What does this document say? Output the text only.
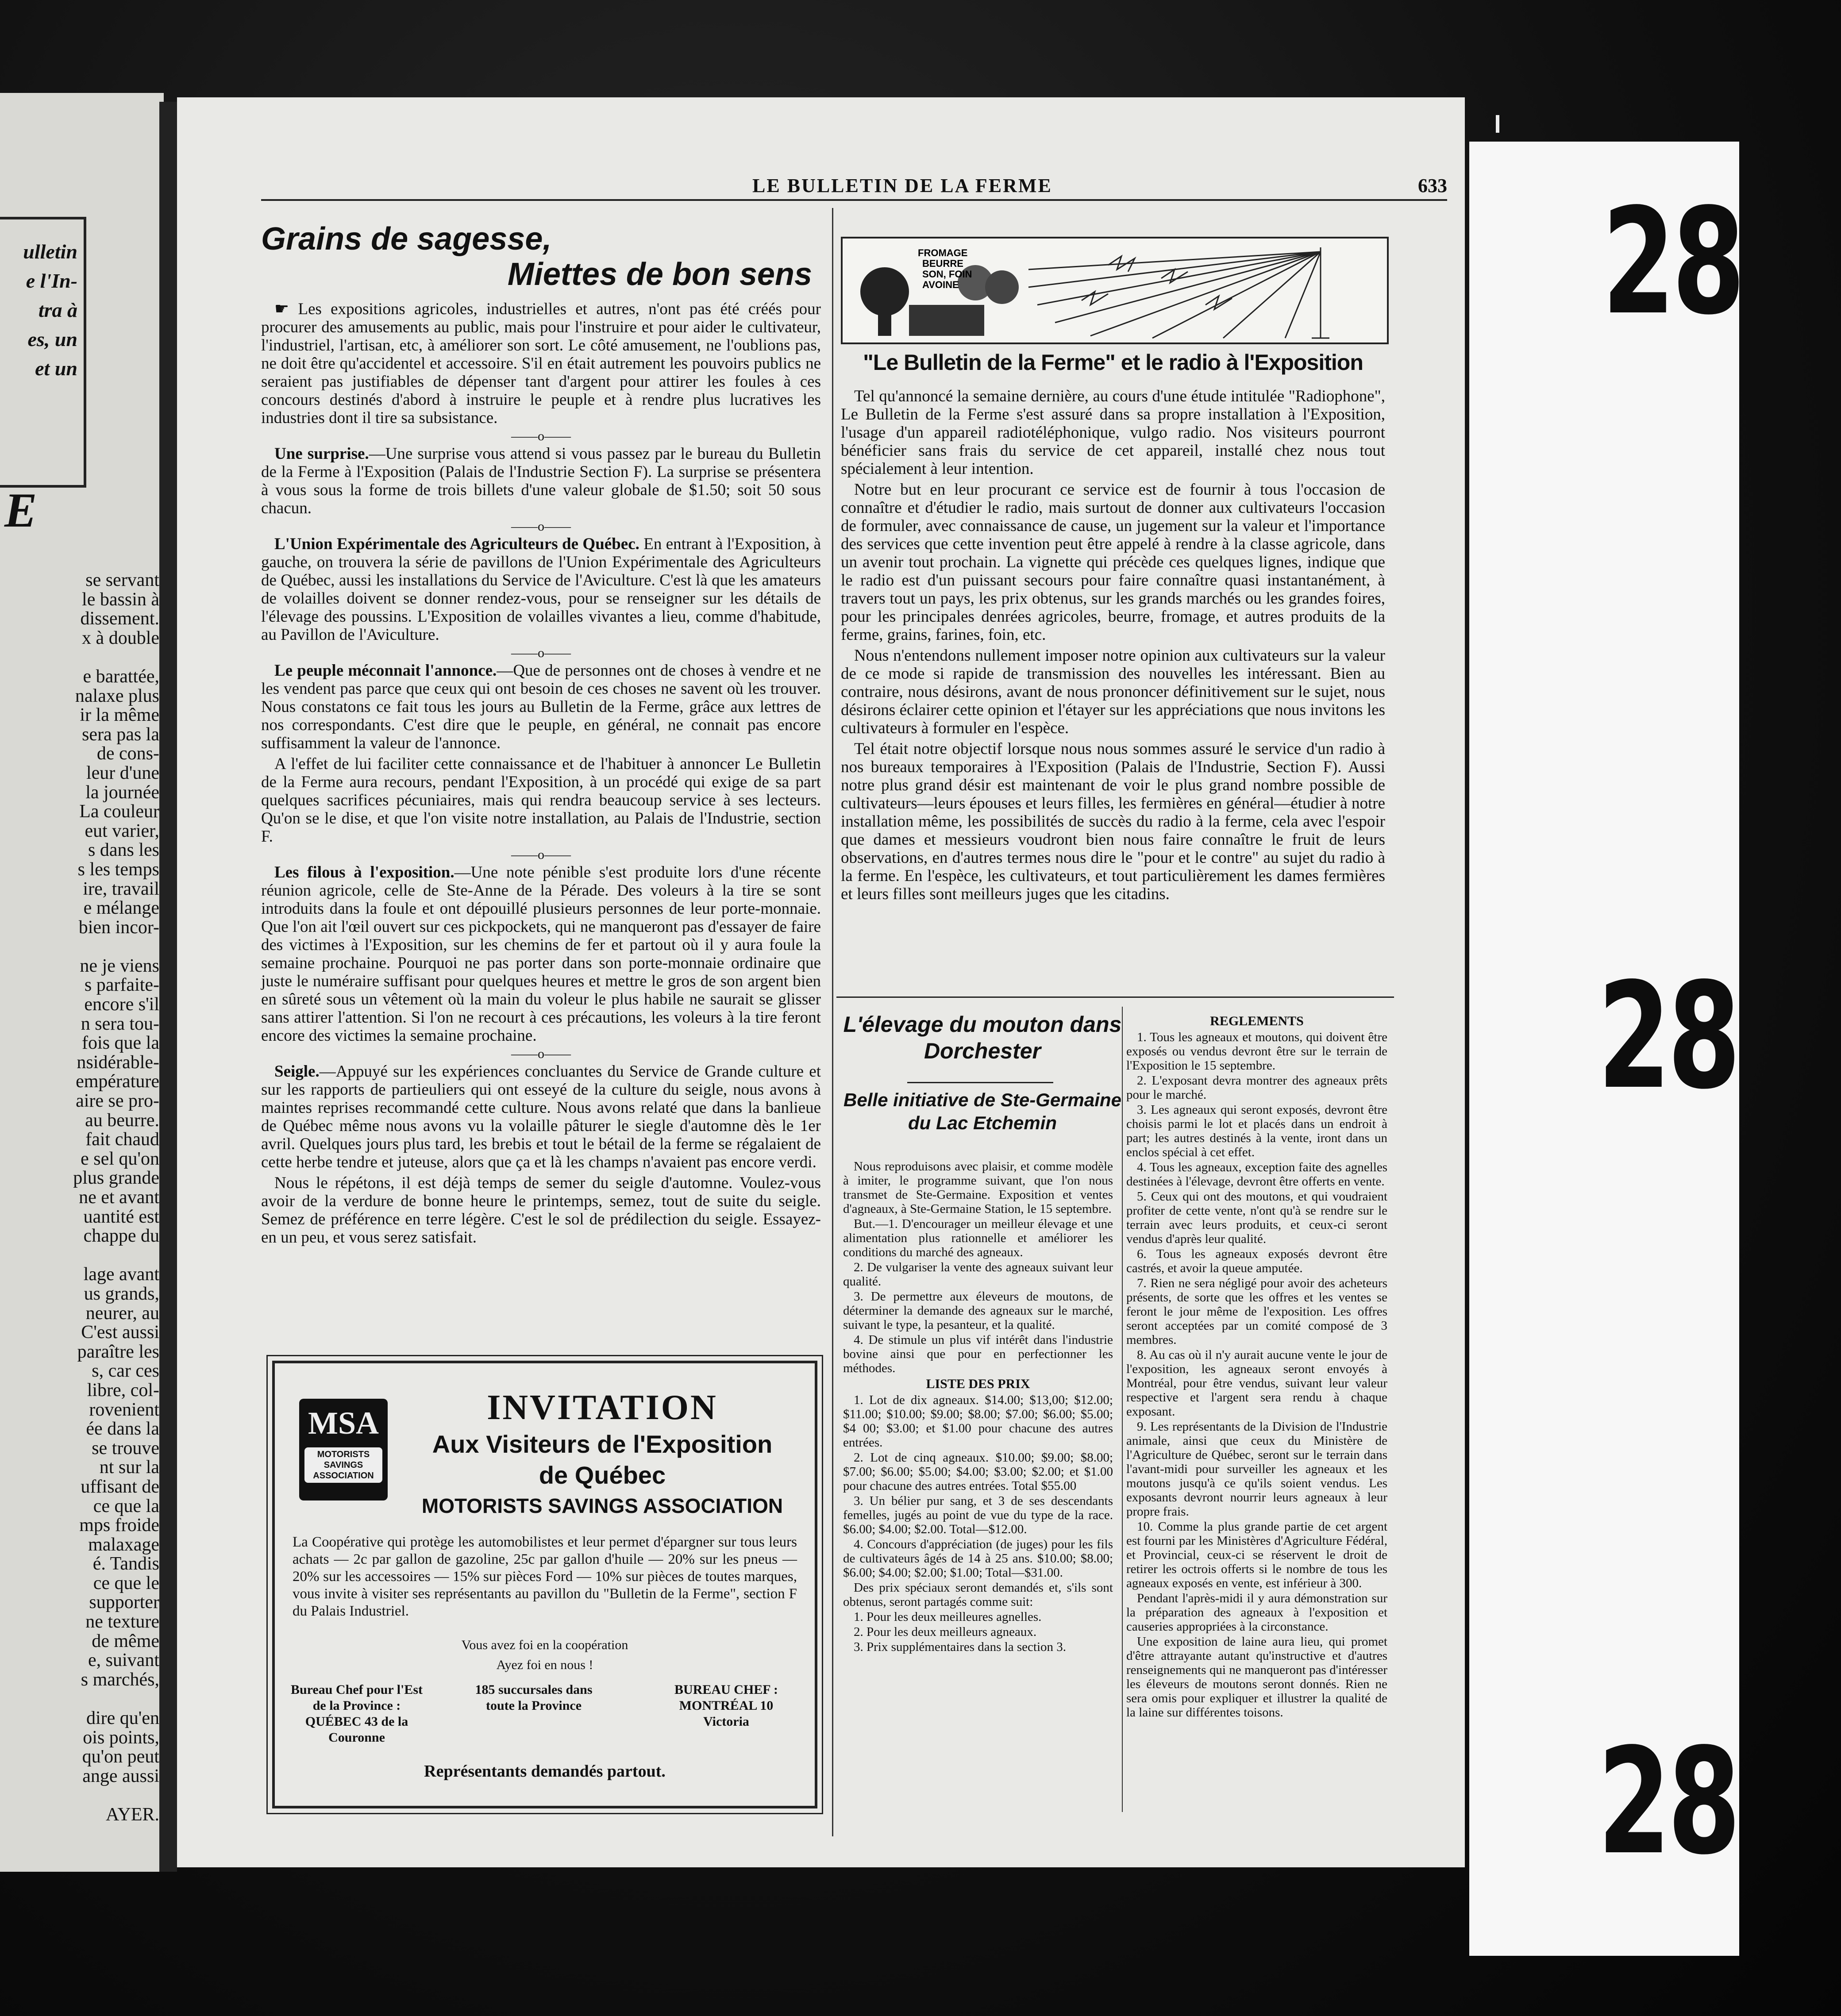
ulletin
e l'In-
tra à
es, un
et un
E
se servant
le bassin à
dissement.
x à double

e barattée,
nalaxe plus
ir la même
sera pas la
de cons-
leur d'une
la journée
La couleur
eut varier,
s dans les
s les temps
ire, travail
e mélange
bien incor-

ne je viens
s parfaite-
encore s'il
n sera tou-
fois que la
nsidérable-
empérature
aire se pro-
au beurre.
fait chaud
e sel qu'on
plus grande
ne et avant
uantité est
chappe du

lage avant
us grands,
neurer, au
C'est aussi
paraître les
s, car ces
libre, col-
rovenient
ée dans la
se trouve
nt sur la
uffisant de
ce que la
mps froide
malaxage
é. Tandis
ce que le
supporter
ne texture
de même
e, suivant
s marchés,

dire qu'en
ois points,
qu'on peut
ange aussi

AYER.
LE BULLETIN DE LA FERME	633
Grains de sagesse,
Miettes de bon sens

☛ Les expositions agricoles, industrielles et autres, n'ont pas été créés pour procurer des amusements au public, mais pour l'instruire et pour aider le cultivateur, l'industriel, l'artisan, etc, à améliorer son sort. Le côté amusement, ne l'oublions pas, ne doit être qu'accidentel et accessoire. S'il en était autrement les pouvoirs publics ne seraient pas justifiables de dépenser tant d'argent pour attirer les foules à ces concours destinés d'abord à instruire le peuple et à rendre plus lucratives les industries dont il tire sa subsistance.

——o——

Une surprise.—Une surprise vous attend si vous passez par le bureau du Bulletin de la Ferme à l'Exposition (Palais de l'Industrie Section F). La surprise se présentera à vous sous la forme de trois billets d'une valeur globale de $1.50; soit 50 sous chacun.

——o——

L'Union Expérimentale des Agriculteurs de Québec. En entrant à l'Exposition, à gauche, on trouvera la série de pavillons de l'Union Expérimentale des Agriculteurs de Québec, aussi les installations du Service de l'Aviculture. C'est là que les amateurs de volailles doivent se donner rendez-vous, pour se renseigner sur les détails de l'élevage des poussins. L'Exposition de volailles vivantes a lieu, comme d'habitude, au Pavillon de l'Aviculture.

——o——

Le peuple méconnait l'annonce.—Que de personnes ont de choses à vendre et ne les vendent pas parce que ceux qui ont besoin de ces choses ne savent où les trouver. Nous constatons ce fait tous les jours au Bulletin de la Ferme, grâce aux lettres de nos correspondants. C'est dire que le peuple, en général, ne connait pas encore suffisamment la valeur de l'annonce.

A l'effet de lui faciliter cette connaissance et de l'habituer à annoncer Le Bulletin de la Ferme aura recours, pendant l'Exposition, à un procédé qui exige de sa part quelques sacrifices pécuniaires, mais qui rendra beaucoup service à ses lecteurs. Qu'on se le dise, et que l'on visite notre installation, au Palais de l'Industrie, section F.

——o——

Les filous à l'exposition.—Une note pénible s'est produite lors d'une récente réunion agricole, celle de Ste-Anne de la Pérade. Des voleurs à la tire se sont introduits dans la foule et ont dépouillé plusieurs personnes de leur porte-monnaie. Que l'on ait l'œil ouvert sur ces pickpockets, qui ne manqueront pas d'essayer de faire des victimes à l'Exposition, sur les chemins de fer et partout où il y aura foule la semaine prochaine. Pourquoi ne pas porter dans son porte-monnaie ordinaire que juste le numéraire suffisant pour quelques heures et mettre le gros de son argent bien en sûreté sous un vêtement où la main du voleur le plus habile ne saurait se glisser sans attirer l'attention. Si l'on ne recourt à ces précautions, les voleurs à la tire feront encore des victimes la semaine prochaine.

——o——

Seigle.—Appuyé sur les expériences concluantes du Service de Grande culture et sur les rapports de partieuliers qui ont esseyé de la culture du seigle, nous avons à maintes reprises recommandé cette culture. Nous avons relaté que dans la banlieue de Québec même nous avons vu la volaille pâturer le siegle d'automne dès le 1er avril. Quelques jours plus tard, les brebis et tout le bétail de la ferme se régalaient de cette herbe tendre et juteuse, alors que ça et là les champs n'avaient pas encore verdi.

Nous le répétons, il est déjà temps de semer du seigle d'automne. Voulez-vous avoir de la verdure de bonne heure le printemps, semez, tout de suite du seigle. Semez de préférence en terre légère. C'est le sol de prédilection du seigle. Essayez-en un peu, et vous serez satisfait.

MSA
MOTORISTS SAVINGS ASSOCIATION
INVITATION
Aux Visiteurs de l'Exposition
de Québec
MOTORISTS SAVINGS ASSOCIATION
La Coopérative qui protège les automobilistes et leur permet d'épargner sur tous leurs achats — 2c par gallon de gazoline, 25c par gallon d'huile — 20% sur les pneus — 20% sur les accessoires — 15% sur pièces Ford — 10% sur pièces de toutes marques, vous invite à visiter ses représentants au pavillon du "Bulletin de la Ferme", section F du Palais Industriel.
Vous avez foi en la coopération
Ayez foi en nous !
Bureau Chef pour l'Est de la Province : QUÉBEC 43 de la Couronne
185 succursales dans toute la Province
BUREAU CHEF : MONTRÉAL 10 Victoria
Représentants demandés partout.
FROMAGE
BEURRE
SON, FOIN
AVOINE
"Le Bulletin de la Ferme" et le radio à l'Exposition

Tel qu'annoncé la semaine dernière, au cours d'une étude intitulée "Radiophone", Le Bulletin de la Ferme s'est assuré dans sa propre installation à l'Exposition, l'usage d'un appareil radiotéléphonique, vulgo radio. Nos visiteurs pourront bénéficier sans frais du service de cet appareil, installé chez nous tout spécialement à leur intention.

Notre but en leur procurant ce service est de fournir à tous l'occasion de connaître et d'étudier le radio, mais surtout de donner aux cultivateurs l'occasion de formuler, avec connaissance de cause, un jugement sur la valeur et l'importance des services que cette invention peut être appelé à rendre à la classe agricole, dans un avenir tout prochain. La vignette qui précède ces quelques lignes, indique que le radio est d'un puissant secours pour faire connaître quasi instantanément, à travers tout un pays, les prix obtenus, sur les grands marchés ou les grandes foires, pour les principales denrées agricoles, beurre, fromage, et autres produits de la ferme, grains, farines, foin, etc.

Nous n'entendons nullement imposer notre opinion aux cultivateurs sur la valeur de ce mode si rapide de transmission des nouvelles les intéressant. Bien au contraire, nous désirons, avant de nous prononcer définitivement sur le sujet, nous désirons éclairer cette opinion et l'étayer sur les appréciations que nous invitons les cultivateurs à formuler en l'espèce.

Tel était notre objectif lorsque nous nous sommes assuré le service d'un radio à nos bureaux temporaires à l'Exposition (Palais de l'Industrie, Section F). Aussi notre plus grand désir est maintenant de voir le plus grand nombre possible de cultivateurs—leurs épouses et leurs filles, les fermières en général—étudier à notre installation même, les possibilités de succès du radio à la ferme, cela avec l'espoir que dames et messieurs voudront bien nous faire connaître le fruit de leurs observations, en d'autres termes nous dire le "pour et le contre" au sujet du radio à la ferme. En l'espèce, les cultivateurs, et tout particulièrement les dames fermières et leurs filles sont meilleurs juges que les citadins.

L'élevage du mouton dans Dorchester
Belle initiative de Ste-Germaine du Lac Etchemin

Nous reproduisons avec plaisir, et comme modèle à imiter, le programme suivant, que l'on nous transmet de Ste-Germaine. Exposition et ventes d'agneaux, à Ste-Germaine Station, le 15 septembre.

But.—1. D'encourager un meilleur élevage et une alimentation plus rationnelle et améliorer les conditions du marché des agneaux.

2. De vulgariser la vente des agneaux suivant leur qualité.

3. De permettre aux éleveurs de moutons, de déterminer la demande des agneaux sur le marché, suivant le type, la pesanteur, et la qualité.

4. De stimule un plus vif intérêt dans l'industrie bovine ainsi que pour en perfectionner les méthodes.

LISTE DES PRIX

1. Lot de dix agneaux. $14.00; $13,00; $12.00; $11.00; $10.00; $9.00; $8.00; $7.00; $6.00; $5.00; $4 00; $3.00; et $1.00 pour chacune des autres entrées.

2. Lot de cinq agneaux. $10.00; $9.00; $8.00; $7.00; $6.00; $5.00; $4.00; $3.00; $2.00; et $1.00 pour chacune des autres entrées. Total $55.00

3. Un bélier pur sang, et 3 de ses descendants femelles, jugés au point de vue du type de la race. $6.00; $4.00; $2.00. Total—$12.00.

4. Concours d'appréciation (de juges) pour les fils de cultivateurs âgés de 14 à 25 ans. $10.00; $8.00; $6.00; $4.00; $2.00; $1.00; Total—$31.00.

Des prix spéciaux seront demandés et, s'ils sont obtenus, seront partagés comme suit:

1. Pour les deux meilleures agnelles.

2. Pour les deux meilleurs agneaux.

3. Prix supplémentaires dans la section 3.

REGLEMENTS

1. Tous les agneaux et moutons, qui doivent être exposés ou vendus devront être sur le terrain de l'Exposition le 15 septembre.

2. L'exposant devra montrer des agneaux prêts pour le marché.

3. Les agneaux qui seront exposés, devront être choisis parmi le lot et placés dans un endroit à part; les autres destinés à la vente, iront dans un enclos spécial à cet effet.

4. Tous les agneaux, exception faite des agnelles destinées à l'élevage, devront être offerts en vente.

5. Ceux qui ont des moutons, et qui voudraient profiter de cette vente, n'ont qu'à se rendre sur le terrain avec leurs produits, et ceux-ci seront vendus d'après leur qualité.

6. Tous les agneaux exposés devront être castrés, et avoir la queue amputée.

7. Rien ne sera négligé pour avoir des acheteurs présents, de sorte que les offres et les ventes se feront le jour même de l'exposition. Les offres seront acceptées par un comité composé de 3 membres.

8. Au cas où il n'y aurait aucune vente le jour de l'exposition, les agneaux seront envoyés à Montréal, pour être vendus, suivant leur valeur respective et l'argent sera rendu à chaque exposant.

9. Les représentants de la Division de l'Industrie animale, ainsi que ceux du Ministère de l'Agriculture de Québec, seront sur le terrain dans l'avant-midi pour surveiller les agneaux et les moutons jusqu'à ce qu'ils soient vendus. Les exposants devront nourrir leurs agneaux à leur propre frais.

10. Comme la plus grande partie de cet argent est fourni par les Ministères d'Agriculture Fédéral, et Provincial, ceux-ci se réservent le droit de retirer les octrois offerts si le nombre de tous les agneaux exposés en vente, est inférieur à 300.

Pendant l'après-midi il y aura démonstration sur la préparation des agneaux à l'exposition et causeries appropriées à la circonstance.

Une exposition de laine aura lieu, qui promet d'être attrayante autant qu'instructive et d'autres renseignements qui ne manqueront pas d'intéresser les éleveurs de moutons seront donnés. Rien ne sera omis pour expliquer et illustrer la qualité de la laine sur différentes toisons.

28
28
28
